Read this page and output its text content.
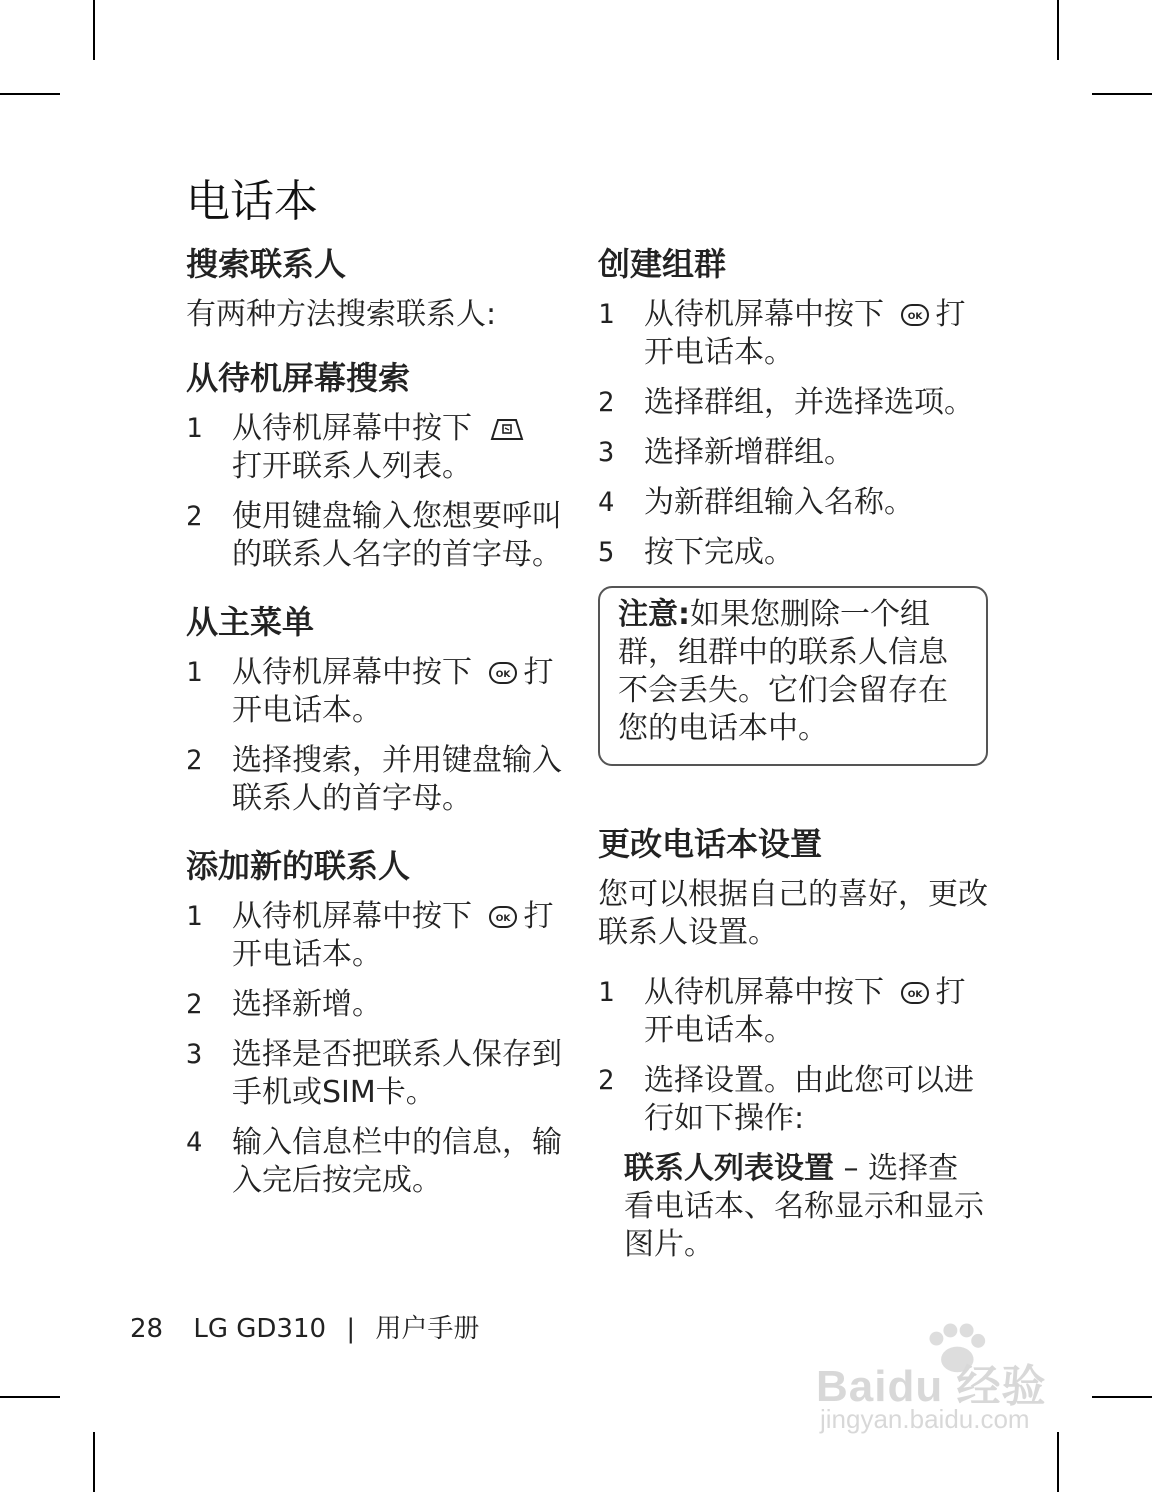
电话本
搜索联系人

有两种方法搜索联系人:

从待机屏幕搜索
1 从待机屏幕中按下
打开联系人列表。
2 使用键盘输入您想要呼叫的联系人名字的首字母。
从主菜单
1 从待机屏幕中按下	OK 打开电话本。
2 选择搜索，并用键盘输入联系人的首字母。
添加新的联系人
1 从待机屏幕中按下	OK 打开电话本。
2 选择新增。
3 选择是否把联系人保存到手机或SIM卡。
4 输入信息栏中的信息，输入完后按完成。
创建组群
1 从待机屏幕中按下	OK 打开电话本。
2 选择群组，并选择选项。
3 选择新增群组。
4 为新群组输入名称。
5 按下完成。
注意:如果您删除一个组群，组群中的联系人信息不会丢失。它们会留存在您的电话本中。
更改电话本设置

您可以根据自己的喜好，更改联系人设置。

1 从待机屏幕中按下	OK 打开电话本。
2 选择设置。由此您可以进行如下操作:

联系人列表设置 – 选择查看电话本、名称显示和显示图片。

28 LG GD310 | 用户手册
Baidu 经验
jingyan.baidu.com
